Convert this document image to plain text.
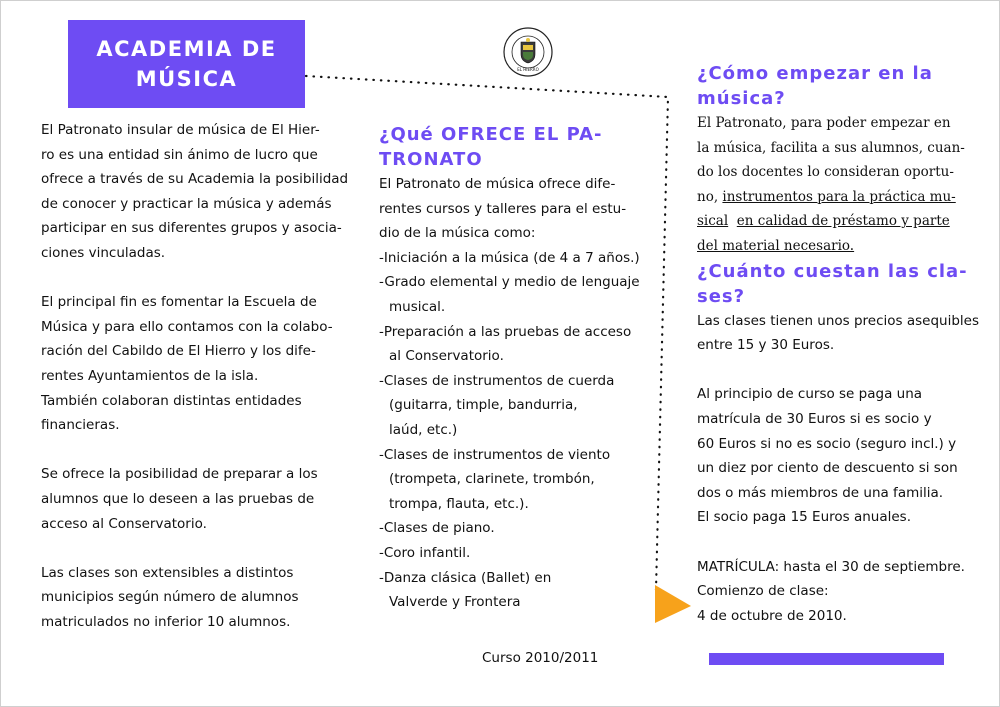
ACADEMIA DE
MÚSICA	EL HIERRO

El Patronato insular de música de El Hier-

ro es una entidad sin ánimo de lucro que

ofrece a través de su Academia la posibilidad

de conocer y practicar la música y además

participar en sus diferentes grupos y asocia-

ciones vinculadas.

El principal fin es fomentar la Escuela de

Música y para ello contamos con la colabo-

ración del Cabildo de El Hierro y los dife-

rentes Ayuntamientos de la isla.

También colaboran distintas entidades

financieras.

Se ofrece la posibilidad de preparar a los

alumnos que lo deseen a las pruebas de

acceso al Conservatorio.

Las clases son extensibles a distintos

municipios según número de alumnos

matriculados no inferior 10 alumnos.

¿Qué OFRECE EL PA-

TRONATO

El Patronato de música ofrece dife-

rentes cursos y talleres para el estu-

dio de la música como:

-Iniciación a la música (de 4 a 7 años.)

-Grado elemental y medio de lenguaje

musical.

-Preparación a las pruebas de acceso

al Conservatorio.

-Clases de instrumentos de cuerda

(guitarra, timple, bandurria,

laúd, etc.)

-Clases de instrumentos de viento

(trompeta, clarinete, trombón,

trompa, flauta, etc.).

-Clases de piano.

-Coro infantil.

-Danza clásica (Ballet) en

Valverde y Frontera

¿Cómo empezar en la

música?

El Patronato, para poder empezar en

la música, facilita a sus alumnos, cuan-

do los docentes lo consideran oportu-

no, instrumentos para la práctica mu-

sical en calidad de préstamo y parte

del material necesario.

¿Cuánto cuestan las cla-

ses?

Las clases tienen unos precios asequibles

entre 15 y 30 Euros.

Al principio de curso se paga una

matrícula de 30 Euros si es socio y

60 Euros si no es socio (seguro incl.) y

un diez por ciento de descuento si son

dos o más miembros de una familia.

El socio paga 15 Euros anuales.

MATRÍCULA: hasta el 30 de septiembre.

Comienzo de clase:

4 de octubre de 2010.

Curso 2010/2011
